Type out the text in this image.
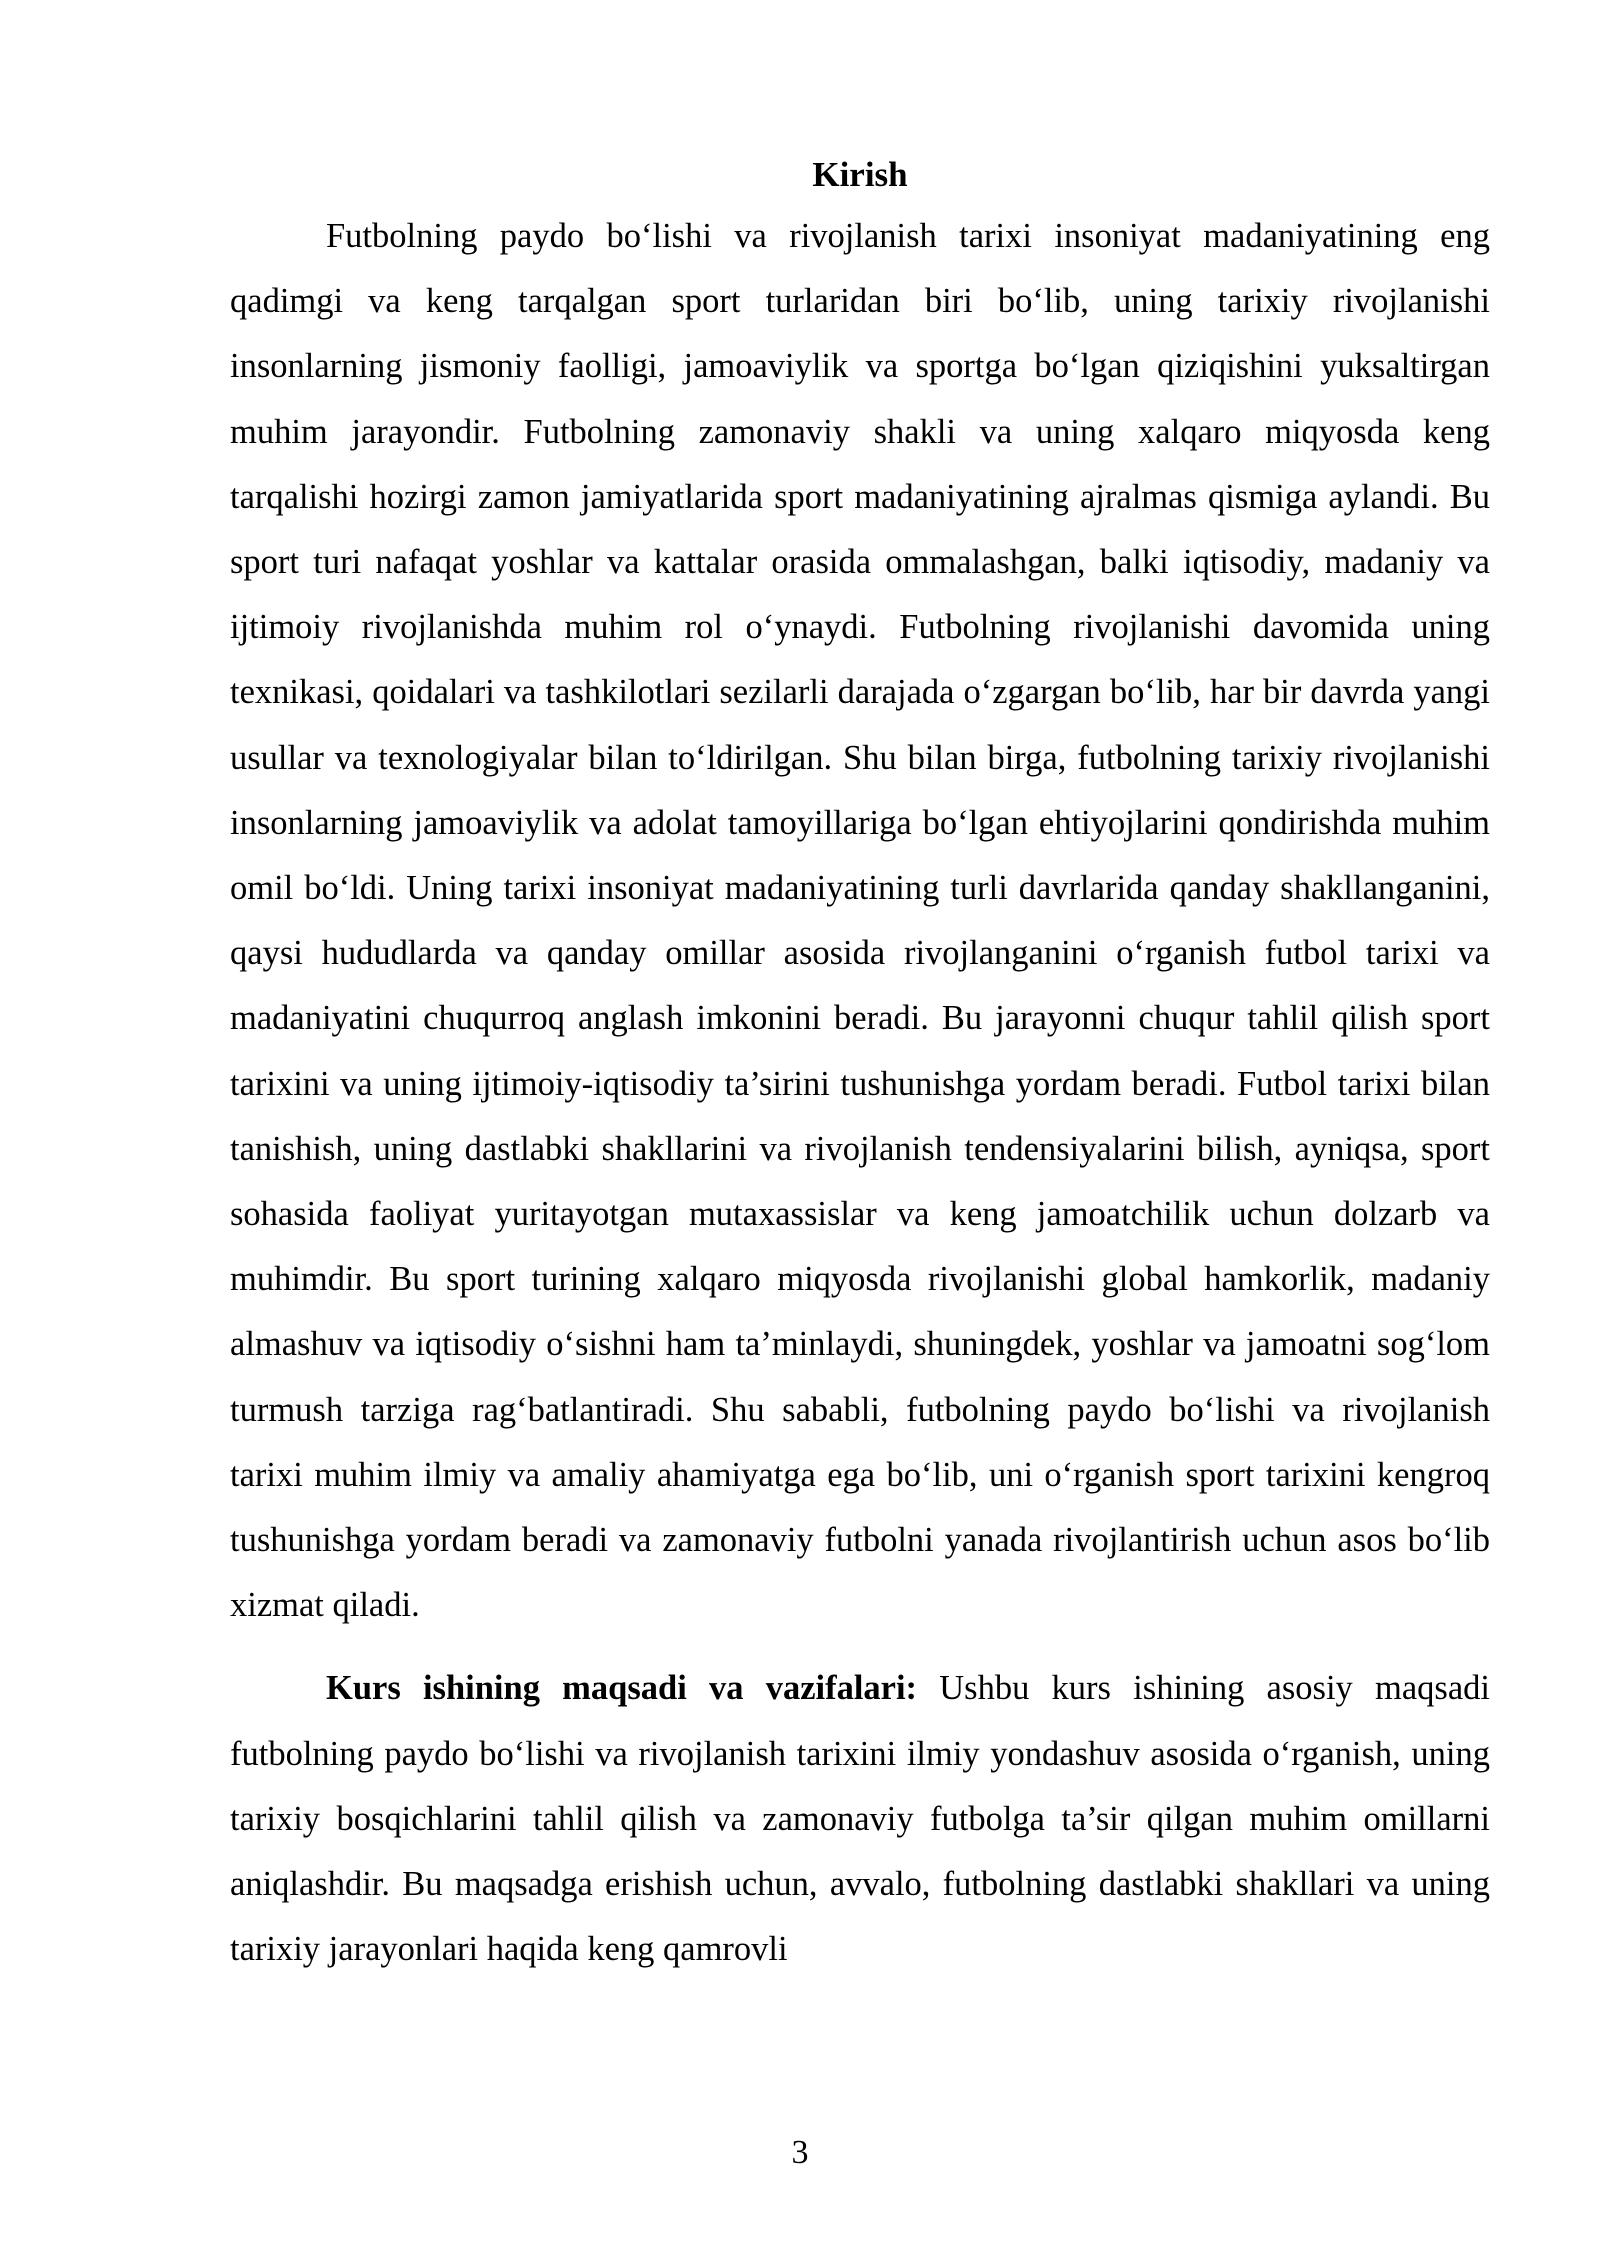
Kirish

Futbolning paydo bo‘lishi va rivojlanish tarixi insoniyat madaniyatining eng qadimgi va keng tarqalgan sport turlaridan biri bo‘lib, uning tarixiy rivojlanishi insonlarning jismoniy faolligi, jamoaviylik va sportga bo‘lgan qiziqishini yuksaltirgan muhim jarayondir. Futbolning zamonaviy shakli va uning xalqaro miqyosda keng tarqalishi hozirgi zamon jamiyatlarida sport madaniyatining ajralmas qismiga aylandi. Bu sport turi nafaqat yoshlar va kattalar orasida ommalashgan, balki iqtisodiy, madaniy va ijtimoiy rivojlanishda muhim rol o‘ynaydi. Futbolning rivojlanishi davomida uning texnikasi, qoidalari va tashkilotlari sezilarli darajada o‘zgargan bo‘lib, har bir davrda yangi usullar va texnologiyalar bilan to‘ldirilgan. Shu bilan birga, futbolning tarixiy rivojlanishi insonlarning jamoaviylik va adolat tamoyillariga bo‘lgan ehtiyojlarini qondirishda muhim omil bo‘ldi. Uning tarixi insoniyat madaniyatining turli davrlarida qanday shakllanganini, qaysi hududlarda va qanday omillar asosida rivojlanganini o‘rganish futbol tarixi va madaniyatini chuqurroq anglash imkonini beradi. Bu jarayonni chuqur tahlil qilish sport tarixini va uning ijtimoiy-iqtisodiy ta’sirini tushunishga yordam beradi. Futbol tarixi bilan tanishish, uning dastlabki shakllarini va rivojlanish tendensiyalarini bilish, ayniqsa, sport sohasida faoliyat yuritayotgan mutaxassislar va keng jamoatchilik uchun dolzarb va muhimdir. Bu sport turining xalqaro miqyosda rivojlanishi global hamkorlik, madaniy almashuv va iqtisodiy o‘sishni ham ta’minlaydi, shuningdek, yoshlar va jamoatni sog‘lom turmush tarziga rag‘batlantiradi. Shu sababli, futbolning paydo bo‘lishi va rivojlanish tarixi muhim ilmiy va amaliy ahamiyatga ega bo‘lib, uni o‘rganish sport tarixini kengroq tushunishga yordam beradi va zamonaviy futbolni yanada rivojlantirish uchun asos bo‘lib xizmat qiladi.

Kurs ishining maqsadi va vazifalari: Ushbu kurs ishining asosiy maqsadi futbolning paydo bo‘lishi va rivojlanish tarixini ilmiy yondashuv asosida o‘rganish, uning tarixiy bosqichlarini tahlil qilish va zamonaviy futbolga ta’sir qilgan muhim omillarni aniqlashdir. Bu maqsadga erishish uchun, avvalo, futbolning dastlabki shakllari va uning tarixiy jarayonlari haqida keng qamrovli

3
